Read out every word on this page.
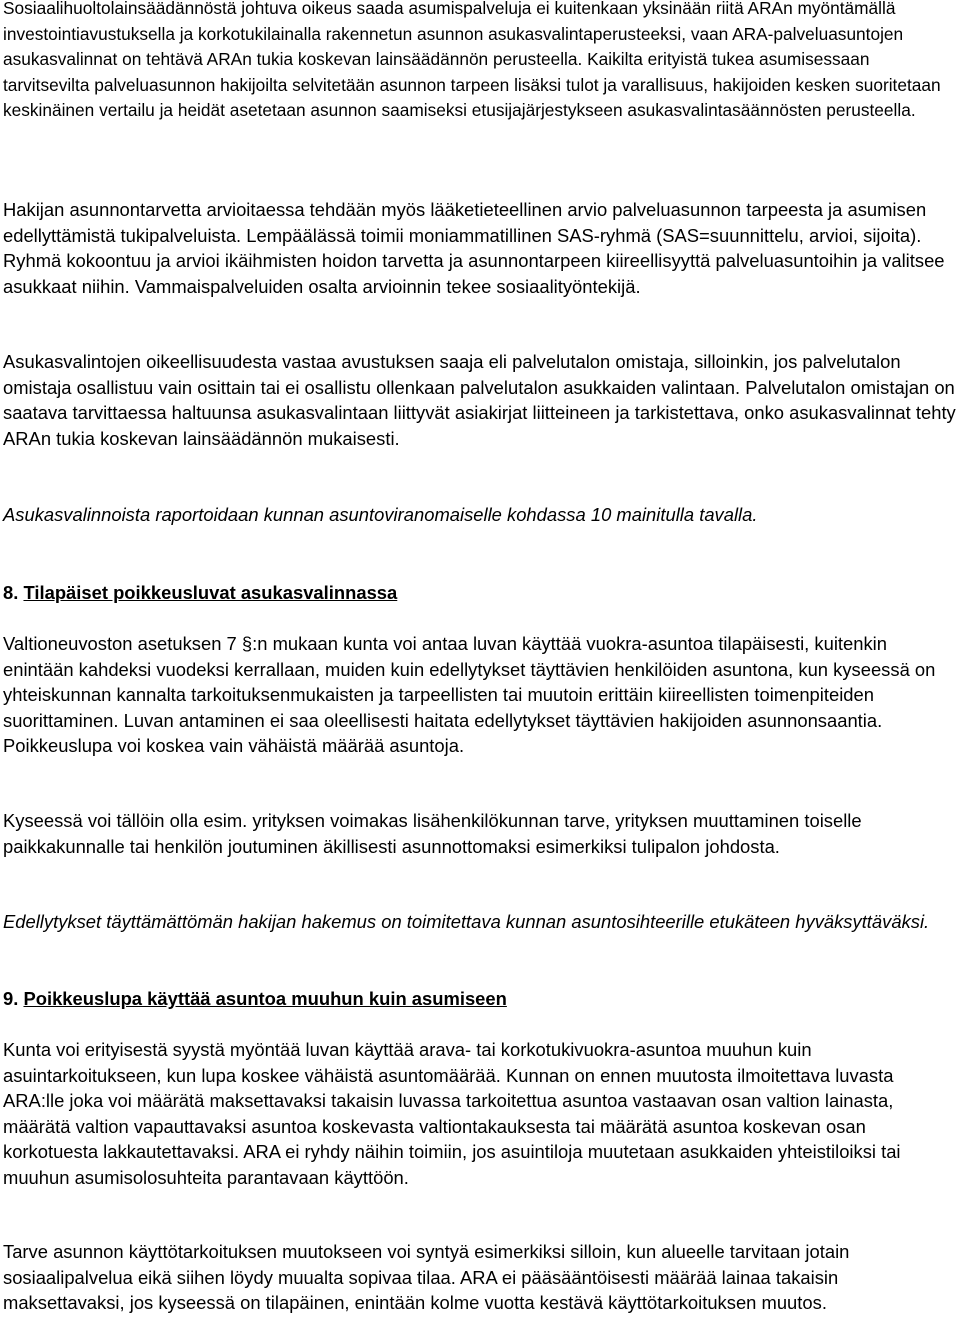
Sosiaalihuoltolainsäädännöstä johtuva oikeus saada asumispalveluja ei kuitenkaan yksinään riitä ARAn myöntämällä investointiavustuksella ja korkotukilainalla rakennetun asunnon asukasvalintaperusteeksi, vaan ARA-palveluasuntojen asukasvalinnat on tehtävä ARAn tukia koskevan lainsäädännön perusteella. Kaikilta erityistä tukea asumisessaan tarvitsevilta palveluasunnon hakijoilta selvitetään asunnon tarpeen lisäksi tulot ja varallisuus, hakijoiden kesken suoritetaan keskinäinen vertailu ja heidät asetetaan asunnon saamiseksi etusijajärjestykseen asukasvalintasäännösten perusteella.

Hakijan asunnontarvetta arvioitaessa tehdään myös lääketieteellinen arvio palveluasunnon tarpeesta ja asumisen edellyttämistä tukipalveluista. Lempäälässä toimii moniammatillinen SAS-ryhmä (SAS=suunnittelu, arvioi, sijoita). Ryhmä kokoontuu ja arvioi ikäihmisten hoidon tarvetta ja asunnontarpeen kiireellisyyttä palveluasuntoihin ja valitsee asukkaat niihin. Vammaispalveluiden osalta arvioinnin tekee sosiaalityöntekijä.

Asukasvalintojen oikeellisuudesta vastaa avustuksen saaja eli palvelutalon omistaja, silloinkin, jos palvelutalon omistaja osallistuu vain osittain tai ei osallistu ollenkaan palvelutalon asukkaiden valintaan. Palvelutalon omistajan on saatava tarvittaessa haltuunsa asukasvalintaan liittyvät asiakirjat liitteineen ja tarkistettava, onko asukasvalinnat tehty ARAn tukia koskevan lainsäädännön mukaisesti.

Asukasvalinnoista raportoidaan kunnan asuntoviranomaiselle kohdassa 10 mainitulla tavalla.

8. Tilapäiset poikkeusluvat asukasvalinnassa

Valtioneuvoston asetuksen 7 §:n mukaan kunta voi antaa luvan käyttää vuokra-asuntoa tilapäisesti, kuitenkin enintään kahdeksi vuodeksi kerrallaan, muiden kuin edellytykset täyttävien henkilöiden asuntona, kun kyseessä on yhteiskunnan kannalta tarkoituksenmukaisten ja tarpeellisten tai muutoin erittäin kiireellisten toimenpiteiden suorittaminen. Luvan antaminen ei saa oleellisesti haitata edellytykset täyttävien hakijoiden asunnonsaantia. Poikkeuslupa voi koskea vain vähäistä määrää asuntoja.

Kyseessä voi tällöin olla esim. yrityksen voimakas lisähenkilökunnan tarve, yrityksen muuttaminen toiselle paikkakunnalle tai henkilön joutuminen äkillisesti asunnottomaksi esimerkiksi tulipalon johdosta.

Edellytykset täyttämättömän hakijan hakemus on toimitettava kunnan asuntosihteerille etukäteen hyväksyttäväksi.

9. Poikkeuslupa käyttää asuntoa muuhun kuin asumiseen

Kunta voi erityisestä syystä myöntää luvan käyttää arava- tai korkotukivuokra-asuntoa muuhun kuin asuintarkoitukseen, kun lupa koskee vähäistä asuntomäärää. Kunnan on ennen muutosta ilmoitettava luvasta ARA:lle joka voi määrätä maksettavaksi takaisin luvassa tarkoitettua asuntoa vastaavan osan valtion lainasta, määrätä valtion vapauttavaksi asuntoa koskevasta valtiontakauksesta tai määrätä asuntoa koskevan osan korkotuesta lakkautettavaksi. ARA ei ryhdy näihin toimiin, jos asuintiloja muutetaan asukkaiden yhteistiloiksi tai muuhun asumisolosuhteita parantavaan käyttöön.

Tarve asunnon käyttötarkoituksen muutokseen voi syntyä esimerkiksi silloin, kun alueelle tarvitaan jotain sosiaalipalvelua eikä siihen löydy muualta sopivaa tilaa. ARA ei pääsääntöisesti määrää lainaa takaisin maksettavaksi, jos kyseessä on tilapäinen, enintään kolme vuotta kestävä käyttötarkoituksen muutos.
